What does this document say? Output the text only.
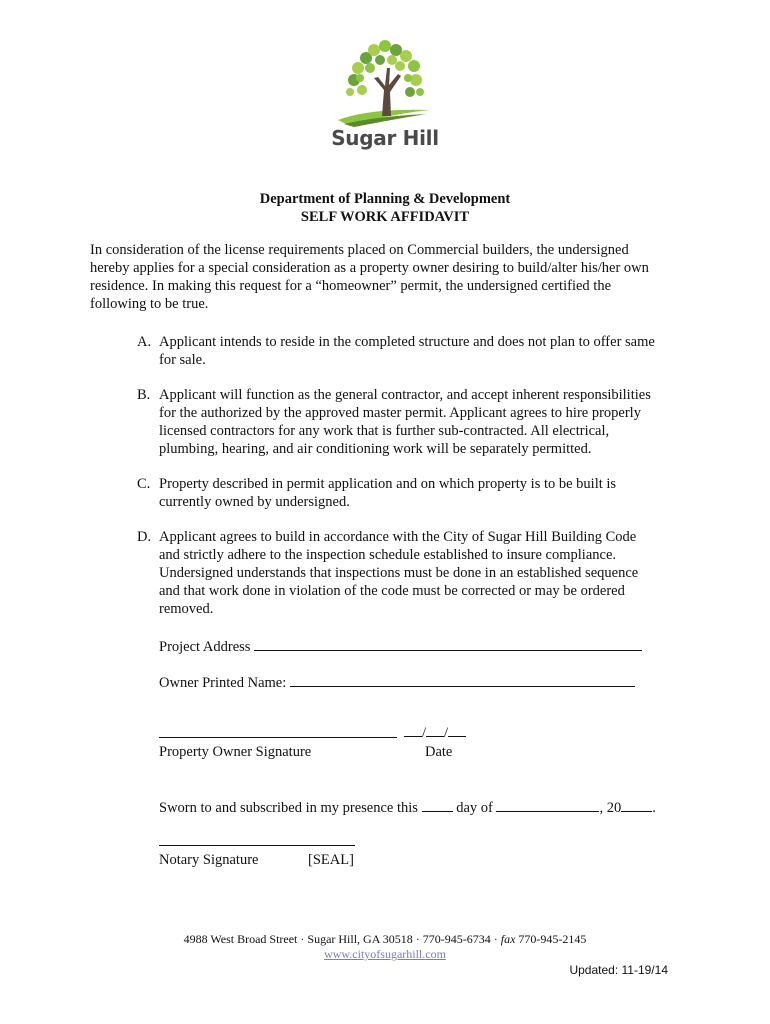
Sugar Hill
Department of Planning & Development
SELF WORK AFFIDAVIT
In consideration of the license requirements placed on Commercial builders, the undersigned
hereby applies for a special consideration as a property owner desiring to build/alter his/her own
residence. In making this request for a “homeowner” permit, the undersigned certified the
following to be true.
A. Applicant intends to reside in the completed structure and does not plan to offer same
for sale.
B. Applicant will function as the general contractor, and accept inherent responsibilities
for the authorized by the approved master permit. Applicant agrees to hire properly
licensed contractors for any work that is further sub-contracted. All electrical,
plumbing, hearing, and air conditioning work will be separately permitted.
C. Property described in permit application and on which property is to be built is
currently owned by undersigned.
D. Applicant agrees to build in accordance with the City of Sugar Hill Building Code
and strictly adhere to the inspection schedule established to insure compliance.
Undersigned understands that inspections must be done in an established sequence
and that work done in violation of the code must be corrected or may be ordered
removed.
Project Address
Owner Printed Name:
/ /
Property Owner Signature	Date
Sworn to and subscribed in my presence this	day of	, 20 .
Notary Signature	[SEAL]
4988 West Broad Street · Sugar Hill, GA 30518 · 770-945-6734 · fax 770-945-2145
www.cityofsugarhill.com
Updated: 11-19/14
